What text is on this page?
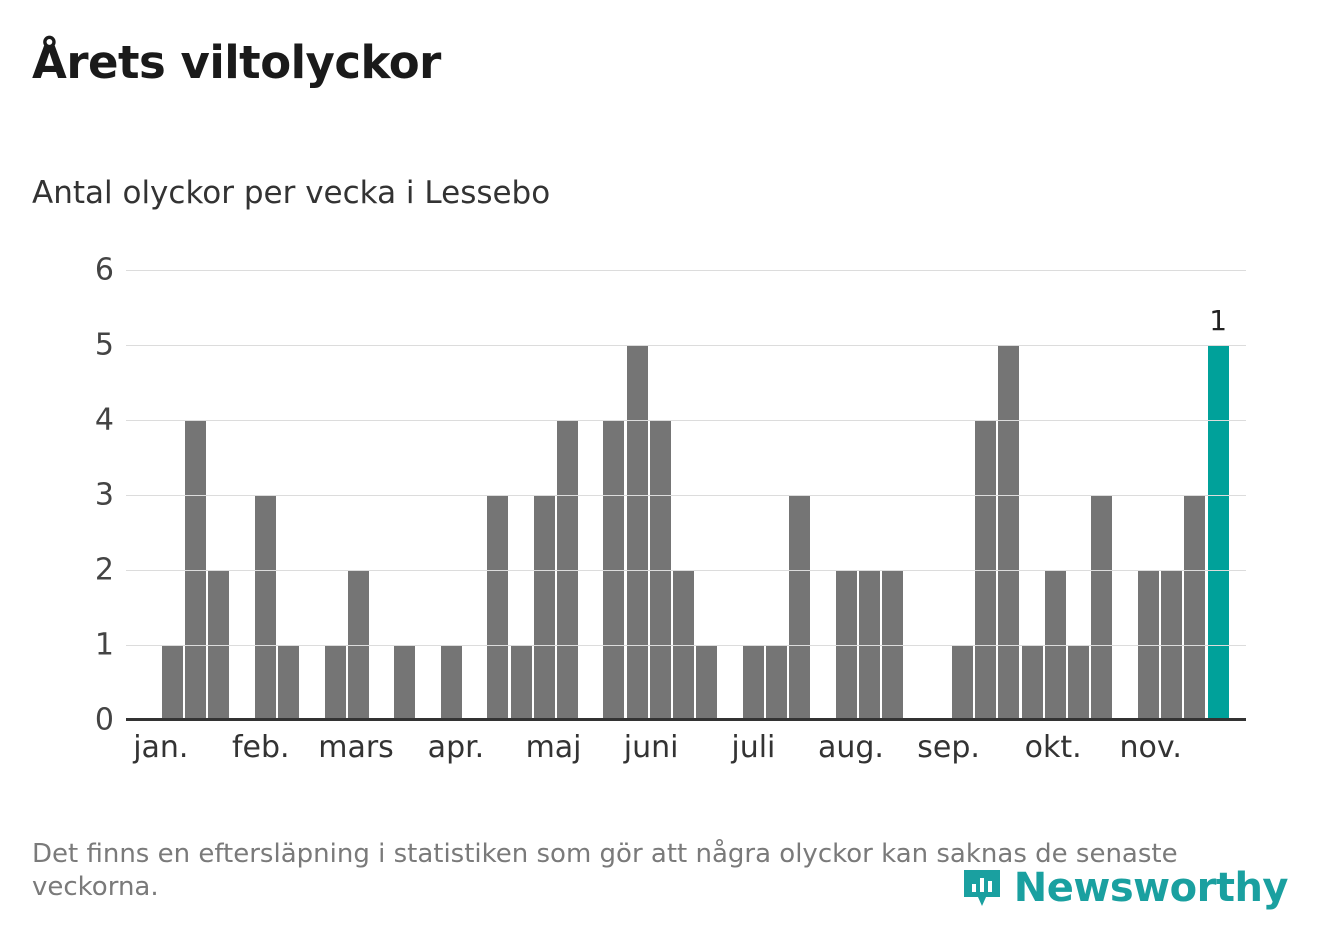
Årets viltolyckor
Antal olyckor per vecka i Lessebo
0
1
2
3
4
5
6
1
jan. feb. mars apr. maj juni juli aug. sep. okt. nov.
Det finns en eftersläpning i statistiken som gör att några olyckor kan saknas de senaste veckorna.	Newsworthy
